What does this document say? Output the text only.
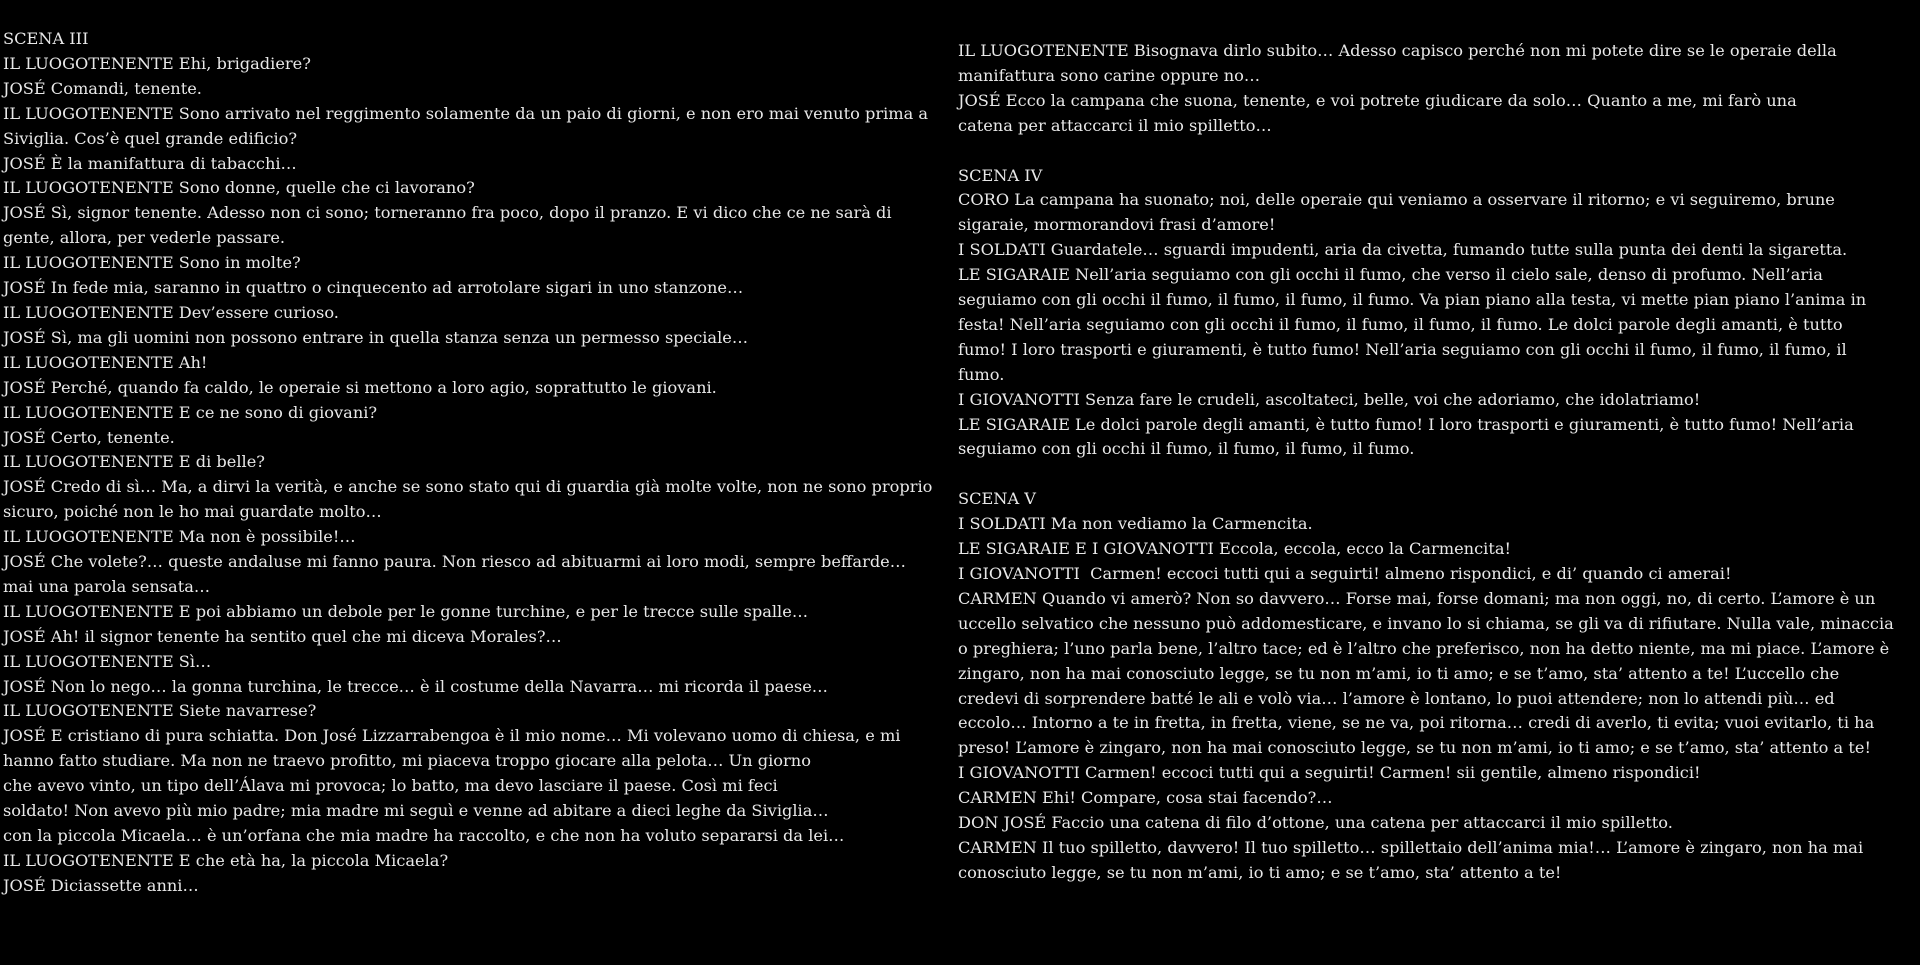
SCENA III
IL LUOGOTENENTE Ehi, brigadiere?
JOSÉ Comandi, tenente.
IL LUOGOTENENTE Sono arrivato nel reggimento solamente da un paio di giorni, e non ero mai venuto prima a
Siviglia. Cos’è quel grande edificio?
JOSÉ È la manifattura di tabacchi…
IL LUOGOTENENTE Sono donne, quelle che ci lavorano?
JOSÉ Sì, signor tenente. Adesso non ci sono; torneranno fra poco, dopo il pranzo. E vi dico che ce ne sarà di
gente, allora, per vederle passare.
IL LUOGOTENENTE Sono in molte?
JOSÉ In fede mia, saranno in quattro o cinquecento ad arrotolare sigari in uno stanzone…
IL LUOGOTENENTE Dev’essere curioso.
JOSÉ Sì, ma gli uomini non possono entrare in quella stanza senza un permesso speciale…
IL LUOGOTENENTE Ah!
JOSÉ Perché, quando fa caldo, le operaie si mettono a loro agio, soprattutto le giovani.
IL LUOGOTENENTE E ce ne sono di giovani?
JOSÉ Certo, tenente.
IL LUOGOTENENTE E di belle?
JOSÉ Credo di sì… Ma, a dirvi la verità, e anche se sono stato qui di guardia già molte volte, non ne sono proprio
sicuro, poiché non le ho mai guardate molto…
IL LUOGOTENENTE Ma non è possibile!…
JOSÉ Che volete?… queste andaluse mi fanno paura. Non riesco ad abituarmi ai loro modi, sempre beffarde…
mai una parola sensata…
IL LUOGOTENENTE E poi abbiamo un debole per le gonne turchine, e per le trecce sulle spalle…
JOSÉ Ah! il signor tenente ha sentito quel che mi diceva Morales?…
IL LUOGOTENENTE Sì…
JOSÉ Non lo nego… la gonna turchina, le trecce… è il costume della Navarra… mi ricorda il paese…
IL LUOGOTENENTE Siete navarrese?
JOSÉ E cristiano di pura schiatta. Don José Lizzarrabengoa è il mio nome… Mi volevano uomo di chiesa, e mi
hanno fatto studiare. Ma non ne traevo profitto, mi piaceva troppo giocare alla pelota… Un giorno
che avevo vinto, un tipo dell’Álava mi provoca; lo batto, ma devo lasciare il paese. Così mi feci
soldato! Non avevo più mio padre; mia madre mi seguì e venne ad abitare a dieci leghe da Siviglia…
con la piccola Micaela… è un’orfana che mia madre ha raccolto, e che non ha voluto separarsi da lei…
IL LUOGOTENENTE E che età ha, la piccola Micaela?
JOSÉ Diciassette anni…
IL LUOGOTENENTE Bisognava dirlo subito… Adesso capisco perché non mi potete dire se le operaie della
manifattura sono carine oppure no…
JOSÉ Ecco la campana che suona, tenente, e voi potrete giudicare da solo… Quanto a me, mi farò una
catena per attaccarci il mio spilletto…
SCENA IV
CORO La campana ha suonato; noi, delle operaie qui veniamo a osservare il ritorno; e vi seguiremo, brune
sigaraie, mormorandovi frasi d’amore!
I SOLDATI Guardatele… sguardi impudenti, aria da civetta, fumando tutte sulla punta dei denti la sigaretta.
LE SIGARAIE Nell’aria seguiamo con gli occhi il fumo, che verso il cielo sale, denso di profumo. Nell’aria
seguiamo con gli occhi il fumo, il fumo, il fumo, il fumo. Va pian piano alla testa, vi mette pian piano l’anima in
festa! Nell’aria seguiamo con gli occhi il fumo, il fumo, il fumo, il fumo. Le dolci parole degli amanti, è tutto
fumo! I loro trasporti e giuramenti, è tutto fumo! Nell’aria seguiamo con gli occhi il fumo, il fumo, il fumo, il
fumo.
I GIOVANOTTI Senza fare le crudeli, ascoltateci, belle, voi che adoriamo, che idolatriamo!
LE SIGARAIE Le dolci parole degli amanti, è tutto fumo! I loro trasporti e giuramenti, è tutto fumo! Nell’aria
seguiamo con gli occhi il fumo, il fumo, il fumo, il fumo.
SCENA V
I SOLDATI Ma non vediamo la Carmencita.
LE SIGARAIE E I GIOVANOTTI Eccola, eccola, ecco la Carmencita!
I GIOVANOTTI  Carmen! eccoci tutti qui a seguirti! almeno rispondici, e di’ quando ci amerai!
CARMEN Quando vi amerò? Non so davvero… Forse mai, forse domani; ma non oggi, no, di certo. L’amore è un
uccello selvatico che nessuno può addomesticare, e invano lo si chiama, se gli va di rifiutare. Nulla vale, minaccia
o preghiera; l’uno parla bene, l’altro tace; ed è l’altro che preferisco, non ha detto niente, ma mi piace. L’amore è
zingaro, non ha mai conosciuto legge, se tu non m’ami, io ti amo; e se t’amo, sta’ attento a te! L’uccello che
credevi di sorprendere batté le ali e volò via… l’amore è lontano, lo puoi attendere; non lo attendi più… ed
eccolo… Intorno a te in fretta, in fretta, viene, se ne va, poi ritorna… credi di averlo, ti evita; vuoi evitarlo, ti ha
preso! L’amore è zingaro, non ha mai conosciuto legge, se tu non m’ami, io ti amo; e se t’amo, sta’ attento a te!
I GIOVANOTTI Carmen! eccoci tutti qui a seguirti! Carmen! sii gentile, almeno rispondici!
CARMEN Ehi! Compare, cosa stai facendo?…
DON JOSÉ Faccio una catena di filo d’ottone, una catena per attaccarci il mio spilletto.
CARMEN Il tuo spilletto, davvero! Il tuo spilletto… spillettaio dell’anima mia!… L’amore è zingaro, non ha mai
conosciuto legge, se tu non m’ami, io ti amo; e se t’amo, sta’ attento a te!
